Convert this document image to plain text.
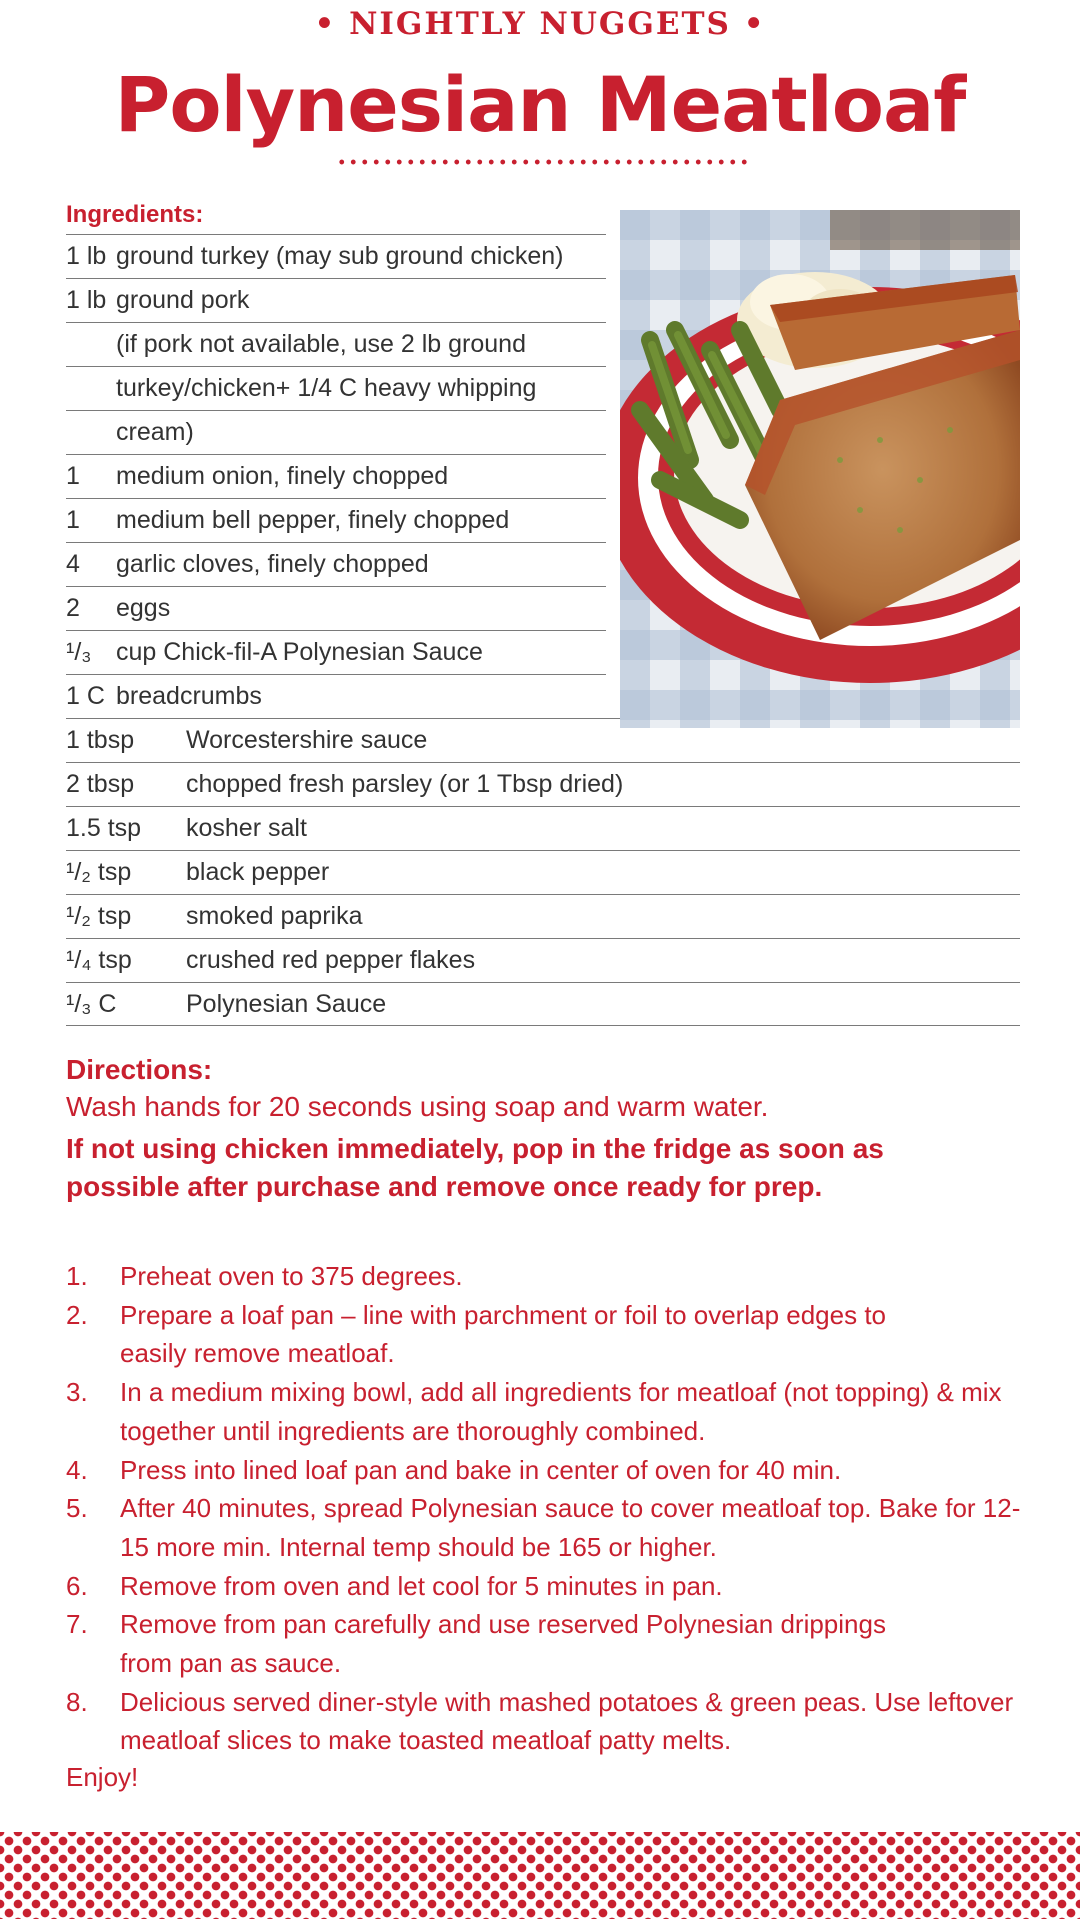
• NIGHTLY NUGGETS •
Polynesian Meatloaf
Ingredients:
1 lb ground turkey (may sub ground chicken)
1 lb ground pork
(if pork not available, use 2 lb ground
turkey/chicken+ 1/4 C heavy whipping
cream)
1 medium onion, finely chopped
1 medium bell pepper, finely chopped
4 garlic cloves, finely chopped
2 eggs
¹/₃ cup Chick-fil-A Polynesian Sauce
1 C breadcrumbs
1 tbsp Worcestershire sauce
2 tbsp chopped fresh parsley (or 1 Tbsp dried)
1.5 tsp kosher salt
¹/₂ tsp black pepper
¹/₂ tsp smoked paprika
¹/₄ tsp crushed red pepper flakes
¹/₃ C	Polynesian Sauce
Directions:
Wash hands for 20 seconds using soap and warm water.
If not using chicken immediately, pop in the fridge as soon as possible after purchase and remove once ready for prep.
1.	Preheat oven to 375 degrees.
2.	Prepare a loaf pan – line with parchment or foil to overlap edges to easily remove meatloaf.
3.	In a medium mixing bowl, add all ingredients for meatloaf (not topping) & mix together until ingredients are thoroughly combined.
4.	Press into lined loaf pan and bake in center of oven for 40 min.
5.	After 40 minutes, spread Polynesian sauce to cover meatloaf top. Bake for 12-15 more min. Internal temp should be 165 or higher.
6.	Remove from oven and let cool for 5 minutes in pan.
7.	Remove from pan carefully and use reserved Polynesian drippings from pan as sauce.
8.	Delicious served diner-style with mashed potatoes & green peas. Use leftover meatloaf slices to make toasted meatloaf patty melts.
Enjoy!
